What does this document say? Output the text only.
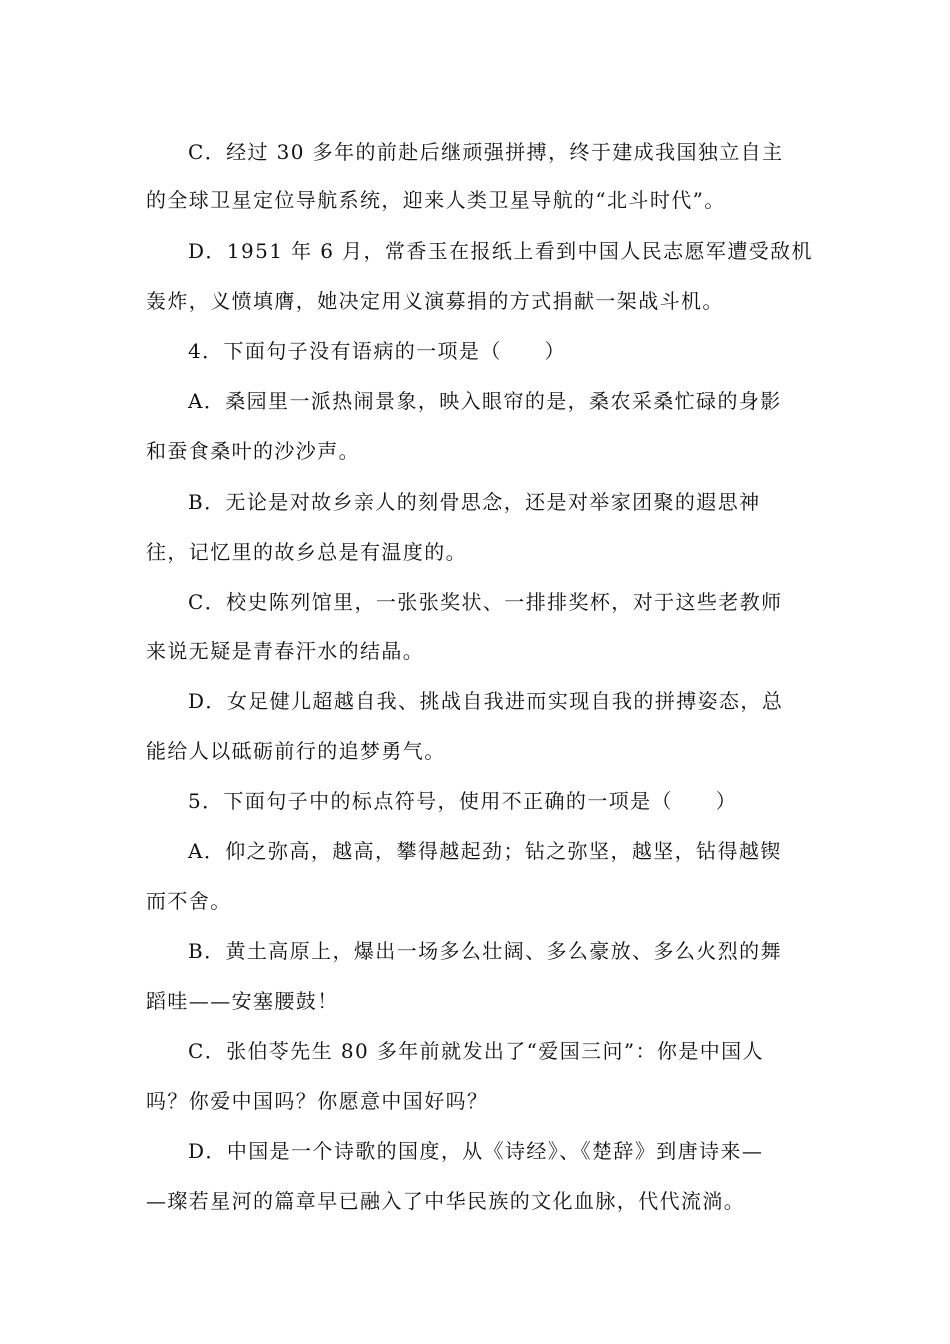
C．经过 30 多年的前赴后继顽强拼搏，终于建成我国独立自主
的全球卫星定位导航系统，迎来人类卫星导航的“北斗时代”。
D．1951 年 6 月，常香玉在报纸上看到中国人民志愿军遭受敌机
轰炸，义愤填膺，她决定用义演募捐的方式捐献一架战斗机。
4．下面句子没有语病的一项是（　　）
A．桑园里一派热闹景象，映入眼帘的是，桑农采桑忙碌的身影
和蚕食桑叶的沙沙声。
B．无论是对故乡亲人的刻骨思念，还是对举家团聚的遐思神
往，记忆里的故乡总是有温度的。
C．校史陈列馆里，一张张奖状、一排排奖杯，对于这些老教师
来说无疑是青春汗水的结晶。
D．女足健儿超越自我、挑战自我进而实现自我的拼搏姿态，总
能给人以砥砺前行的追梦勇气。
5．下面句子中的标点符号，使用不正确的一项是（　　）
A．仰之弥高，越高，攀得越起劲；钻之弥坚，越坚，钻得越锲
而不舍。
B．黄土高原上，爆出一场多么壮阔、多么豪放、多么火烈的舞
蹈哇——安塞腰鼓！
C．张伯苓先生 80 多年前就发出了“爱国三问”：你是中国人
吗？你爱中国吗？你愿意中国好吗？
D．中国是一个诗歌的国度，从《诗经》、《楚辞》到唐诗来—
—璨若星河的篇章早已融入了中华民族的文化血脉，代代流淌。
